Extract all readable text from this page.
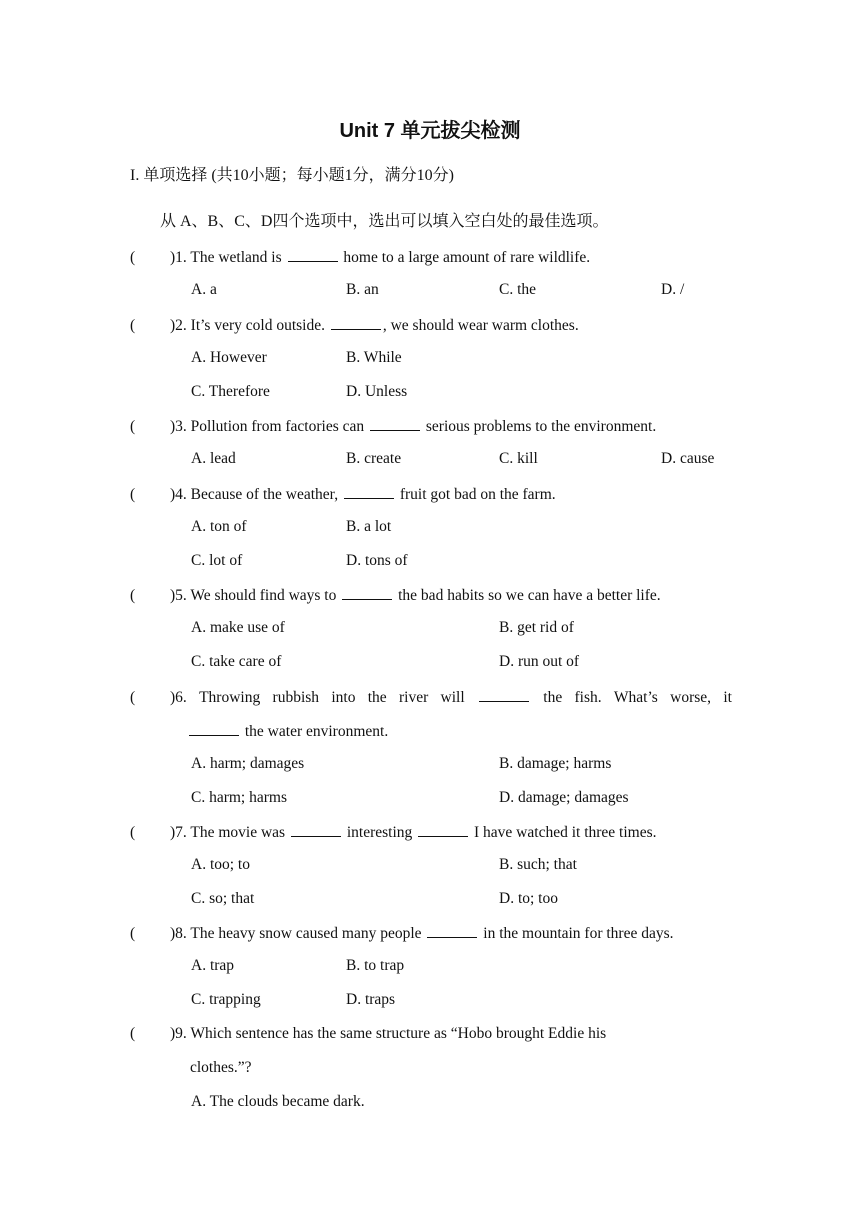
Unit 7 单元拔尖检测
I. 单项选择 (共10小题；每小题1分，满分10分)
从 A、B、C、D四个选项中，选出可以填入空白处的最佳选项。
( )1. The wetland is	home to a large amount of rare wildlife.
A. a	B. an	C. the	D. /
( )2. It’s very cold outside.	, we should wear warm clothes.
A. However	B. While
C. Therefore	D. Unless
( )3. Pollution from factories can	serious problems to the environment.
A. lead	B. create	C. kill	D. cause
( )4. Because of the weather,	fruit got bad on the farm.
A. ton of	B. a lot
C. lot of	D. tons of
( )5. We should find ways to	the bad habits so we can have a better life.
A. make use of	B. get rid of
C. take care of	D. run out of
(	)6. Throwing rubbish into the river will	the fish. What’s worse, it
the water environment.
A. harm; damages	B. damage; harms
C. harm; harms	D. damage; damages
( )7. The movie was	interesting	I have watched it three times.
A. too; to	B. such; that
C. so; that	D. to; too
( )8. The heavy snow caused many people	in the mountain for three days.
A. trap	B. to trap
C. trapping	D. traps
( )9. Which sentence has the same structure as “Hobo brought Eddie his
clothes.”?
A. The clouds became dark.
